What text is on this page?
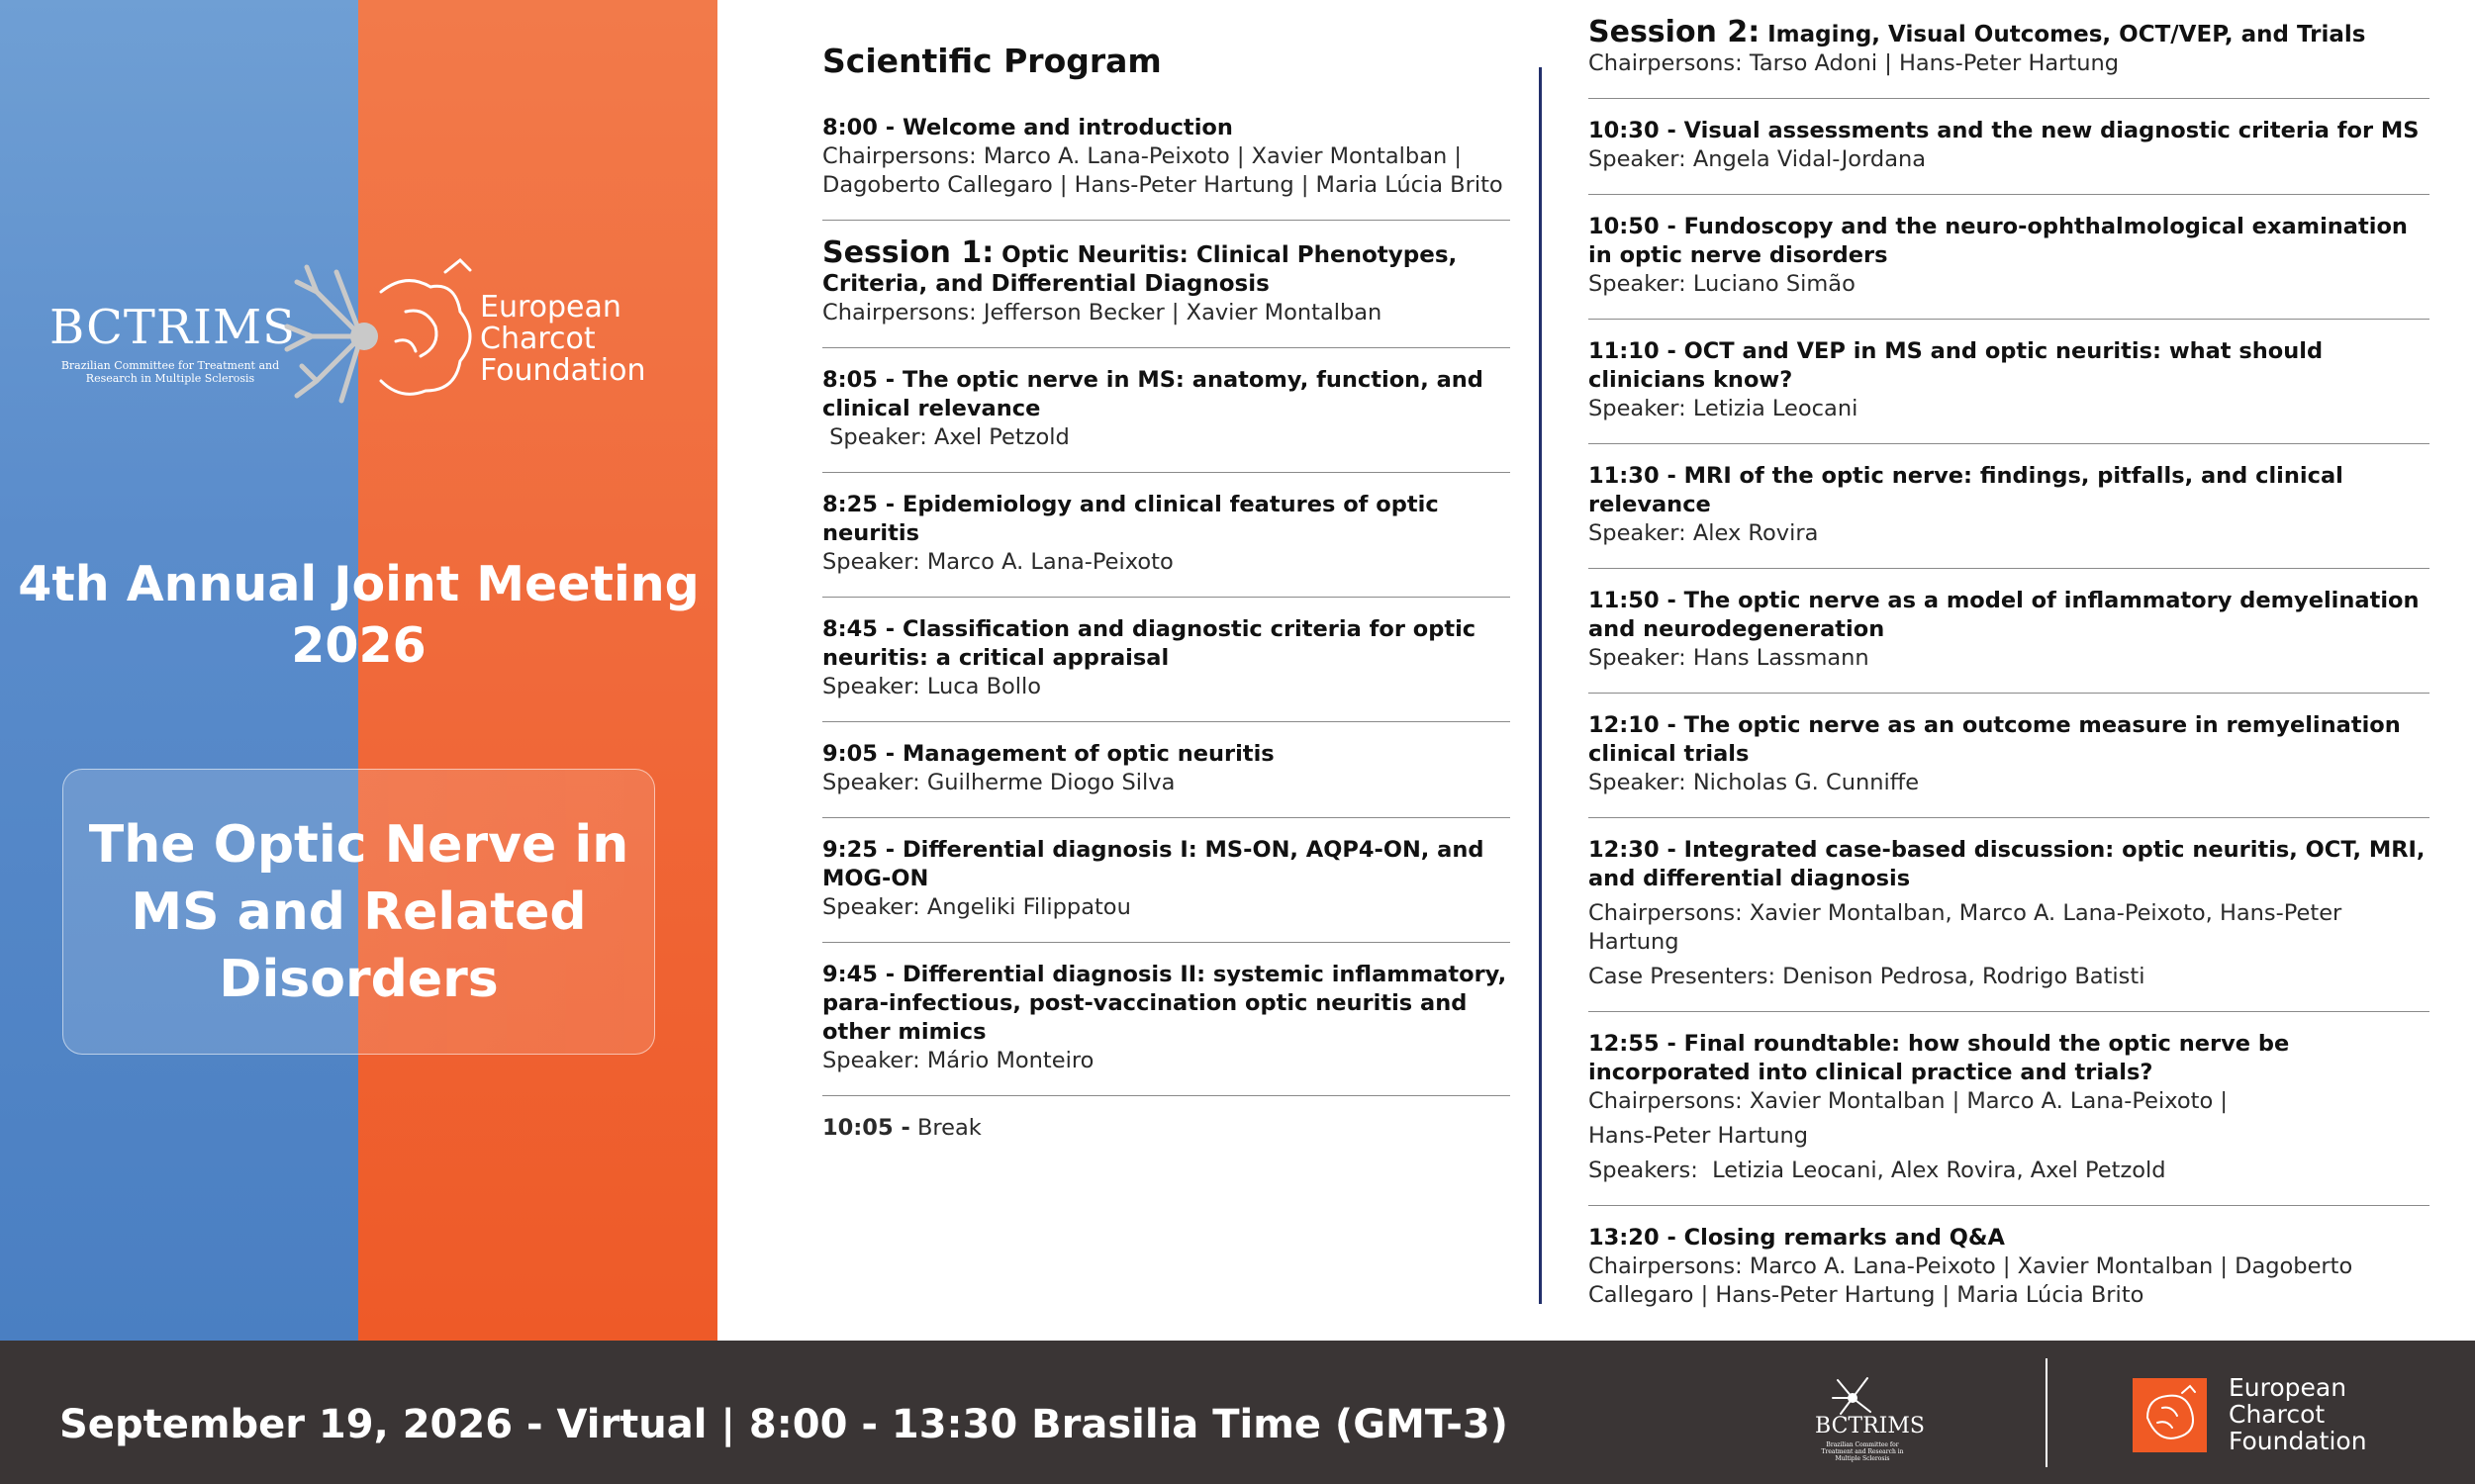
BCTRIMS
Brazilian Committee for Treatment and Research in Multiple Sclerosis
European
Charcot
Foundation
4th Annual Joint Meeting
2026
The Optic Nerve in MS and Related Disorders
Scientific Program
8:00 - Welcome and introduction
Chairpersons: Marco A. Lana-Peixoto | Xavier Montalban | Dagoberto Callegaro | Hans-Peter Hartung | Maria Lúcia Brito
Session 1: Optic Neuritis: Clinical Phenotypes, Criteria, and Differential Diagnosis
Chairpersons: Jefferson Becker | Xavier Montalban
8:05 - The optic nerve in MS: anatomy, function, and clinical relevance
Speaker: Axel Petzold
8:25 - Epidemiology and clinical features of optic neuritis
Speaker: Marco A. Lana-Peixoto
8:45 - Classification and diagnostic criteria for optic neuritis: a critical appraisal
Speaker: Luca Bollo
9:05 - Management of optic neuritis
Speaker: Guilherme Diogo Silva
9:25 - Differential diagnosis I: MS-ON, AQP4-ON, and MOG-ON
Speaker: Angeliki Filippatou
9:45 - Differential diagnosis II: systemic inflammatory, para-infectious, post-vaccination optic neuritis and other mimics
Speaker: Mário Monteiro
10:05 - Break
Session 2: Imaging, Visual Outcomes, OCT/VEP, and Trials
Chairpersons: Tarso Adoni | Hans-Peter Hartung
10:30 - Visual assessments and the new diagnostic criteria for MS
Speaker: Angela Vidal-Jordana
10:50 - Fundoscopy and the neuro-ophthalmological examination in optic nerve disorders
Speaker: Luciano Simão
11:10 - OCT and VEP in MS and optic neuritis: what should clinicians know?
Speaker: Letizia Leocani
11:30 - MRI of the optic nerve: findings, pitfalls, and clinical relevance
Speaker: Alex Rovira
11:50 - The optic nerve as a model of inflammatory demyelination and neurodegeneration
Speaker: Hans Lassmann
12:10 - The optic nerve as an outcome measure in remyelination clinical trials
Speaker: Nicholas G. Cunniffe
12:30 - Integrated case-based discussion: optic neuritis, OCT, MRI, and differential diagnosis
Chairpersons: Xavier Montalban, Marco A. Lana-Peixoto, Hans-Peter Hartung
Case Presenters: Denison Pedrosa, Rodrigo Batisti
12:55 - Final roundtable: how should the optic nerve be incorporated into clinical practice and trials?
Chairpersons: Xavier Montalban | Marco A. Lana-Peixoto |
Hans-Peter Hartung
Speakers:  Letizia Leocani, Alex Rovira, Axel Petzold
13:20 - Closing remarks and Q&A
Chairpersons: Marco A. Lana-Peixoto | Xavier Montalban | Dagoberto Callegaro | Hans-Peter Hartung | Maria Lúcia Brito
September 19, 2026 - Virtual | 8:00 - 13:30 Brasilia Time (GMT-3)	BCTRIMS
Brazilian Committee for Treatment and Research in Multiple Sclerosis
European
Charcot
Foundation
